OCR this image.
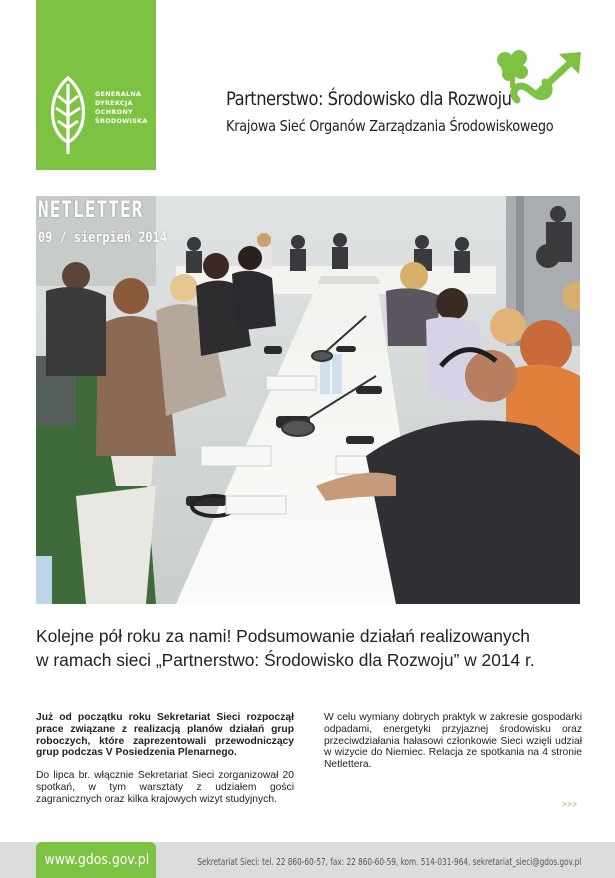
GENERALNA
DYREKCJA
OCHRONY
ŚRODOWISKA
Partnerstwo: Środowisko dla Rozwoju
Krajowa Sieć Organów Zarządzania Środowiskowego
NETLETTER
09 / sierpień 2014
Kolejne pół roku za nami! Podsumowanie działań realizowanych
w ramach sieci „Partnerstwo: Środowisko dla Rozwoju” w 2014 r.

Już od początku roku Sekretariat Sieci rozpoczął prace związane z realizacją planów działań grup roboczych, które zaprezentowali przewodniczący grup podczas V Posiedzenia Plenarnego.

Do lipca br. włącznie Sekretariat Sieci zorganizował 20 spotkań, w tym warsztaty z udziałem gości zagranicznych oraz kilka krajowych wizyt studyjnych.

W celu wymiany dobrych praktyk w zakresie gospodarki odpadami, energetyki przyjaznej środowisku oraz przeciwdziałania hałasowi członkowie Sieci wzięli udział w wizycie do Niemiec. Relacja ze spotkania na 4 stronie Netlettera.

>>>
www.gdos.gov.pl	Sekretariat Sieci: tel. 22 860-60-57, fax: 22 860-60-59, kom. 514-031-964, sekretariat_sieci@gdos.gov.pl
